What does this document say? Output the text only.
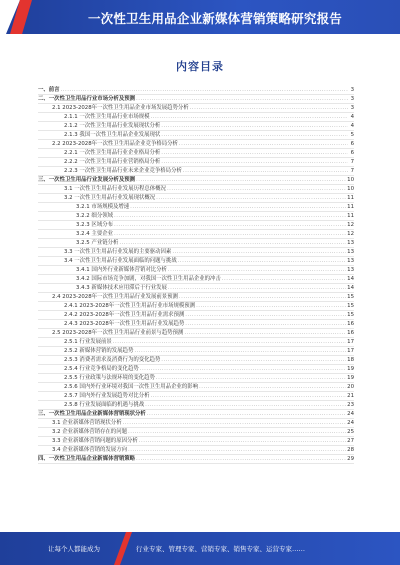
一次性卫生用品企业新媒体营销策略研究报告
内容目录
一、前言 .....	3
二、一次性卫生用品行业市场分析及预测 .....	3
2.1 2023-2028年一次性卫生用品企业市场发展趋势分析 .....	3
2.1.1 一次性卫生用品行业市场规模 .....	4
2.1.2 一次性卫生用品行业发展现状分析 .....	4
2.1.3 我国一次性卫生用品企业发展现状 .....	5
2.2 2023-2028年一次性卫生用品企业竞争格局分析 .....	6
2.2.1 一次性卫生用品行业企业格局分析 .....	6
2.2.2 一次性卫生用品行业营销格局分析 .....	7
2.2.3 一次性卫生用品行业未来企业竞争格局分析 .....	7
三、一次性卫生用品行业发展分析及预测 .....	10
3.1 一次性卫生用品行业发展历程总体概况 .....	10
3.2 一次性卫生用品行业发展现状概况 .....	11
3.2.1 市场规模及增速 .....	11
3.2.2 细分领域 .....	11
3.2.3 区域分布 .....	12
3.2.4 主要企业 .....	12
3.2.5 产业链分析 .....	13
3.3 一次性卫生用品行业发展的主要驱动因素 .....	13
3.4 一次性卫生用品行业发展面临的问题与挑战 .....	13
3.4.1 国内外行业新媒体营销对比分析 .....	13
3.4.2 国际市场竞争加剧，对我国一次性卫生用品企业的冲击 .....	14
3.4.3 新媒体技术应用滞后于行业发展 .....	14
2.4 2023-2028年一次性卫生用品行业发展前景预测 .....	15
2.4.1 2023-2028年一次性卫生用品行业市场规模预测 .....	15
2.4.2 2023-2028年一次性卫生用品行业需求预测 .....	15
2.4.3 2023-2028年一次性卫生用品行业发展趋势 .....	16
2.5 2023-2028年一次性卫生用品行业前景与趋势预测 .....	16
2.5.1 行业发展前景 .....	17
2.5.2 新媒体营销的发展趋势 .....	17
2.5.3 消费者需求及消费行为的变化趋势 .....	18
2.5.4 行业竞争格局的变化趋势 .....	19
2.5.5 行业政策与法规环境的变化趋势 .....	19
2.5.6 国内外行业环境对我国一次性卫生用品企业的影响 .....	20
2.5.7 国内外行业发展趋势对比分析 .....	21
2.5.8 行业发展面临的机遇与挑战 .....	23
三、一次性卫生用品企业新媒体营销现状分析 .....	24
3.1 企业新媒体营销现状分析 .....	24
3.2 企业新媒体营销存在的问题 .....	25
3.3 企业新媒体营销问题的原因分析 .....	27
3.4 企业新媒体营销的发展方向 .....	28
四、一次性卫生用品企业新媒体营销策略 .....	29
让每个人都能成为	行业专家、管理专家、营销专家、销售专家、运营专家……
